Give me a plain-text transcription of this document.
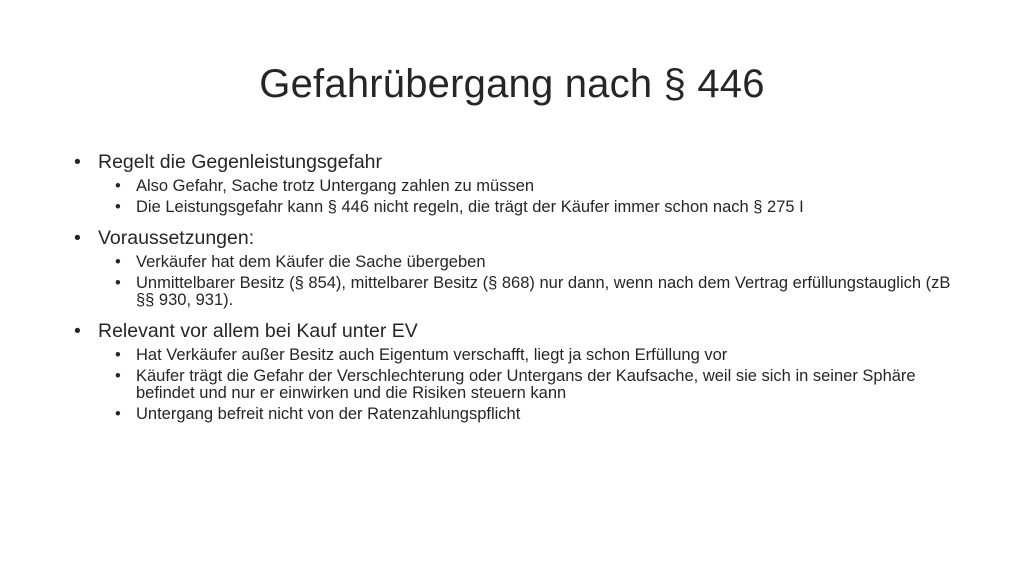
Gefahrübergang nach § 446
• Regelt die Gegenleistungsgefahr
• Also Gefahr, Sache trotz Untergang zahlen zu müssen
• Die Leistungsgefahr kann § 446 nicht regeln, die trägt der Käufer immer schon nach § 275 I
• Voraussetzungen:
• Verkäufer hat dem Käufer die Sache übergeben
• Unmittelbarer Besitz (§ 854), mittelbarer Besitz (§ 868) nur dann, wenn nach dem Vertrag erfüllungstauglich (zB §§ 930, 931).
• Relevant vor allem bei Kauf unter EV
• Hat Verkäufer außer Besitz auch Eigentum verschafft, liegt ja schon Erfüllung vor
• Käufer trägt die Gefahr der Verschlechterung oder Untergans der Kaufsache, weil sie sich in seiner Sphäre befindet und nur er einwirken und die Risiken steuern kann
• Untergang befreit nicht von der Ratenzahlungspflicht
